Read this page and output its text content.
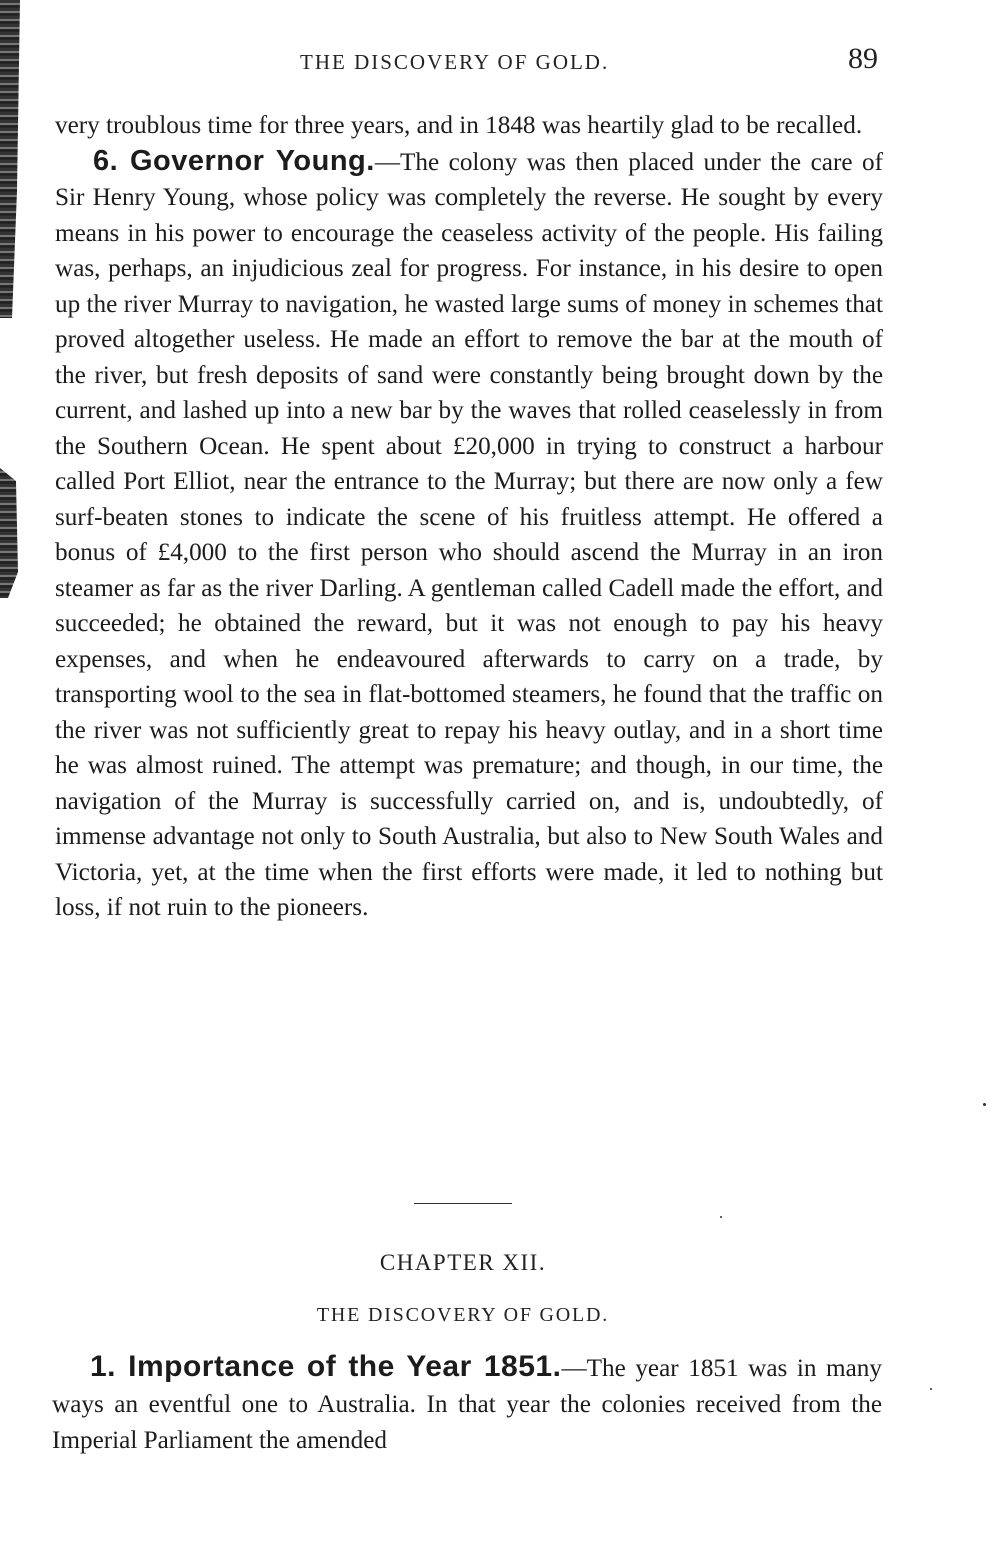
THE DISCOVERY OF GOLD.	89

very troublous time for three years, and in 1848 was heartily glad to be recalled.

6. Governor Young.—The colony was then placed under the care of Sir Henry Young, whose policy was completely the reverse. He sought by every means in his power to encourage the ceaseless activity of the people. His failing was, perhaps, an injudicious zeal for progress. For instance, in his desire to open up the river Murray to navigation, he wasted large sums of money in schemes that proved altogether useless. He made an effort to remove the bar at the mouth of the river, but fresh deposits of sand were constantly being brought down by the current, and lashed up into a new bar by the waves that rolled ceaselessly in from the Southern Ocean. He spent about £20,000 in trying to construct a harbour called Port Elliot, near the entrance to the Murray; but there are now only a few surf-beaten stones to indicate the scene of his fruitless attempt. He offered a bonus of £4,000 to the first person who should ascend the Murray in an iron steamer as far as the river Darling. A gentleman called Cadell made the effort, and succeeded; he obtained the reward, but it was not enough to pay his heavy expenses, and when he endeavoured afterwards to carry on a trade, by transporting wool to the sea in flat-bottomed steamers, he found that the traffic on the river was not sufficiently great to repay his heavy outlay, and in a short time he was almost ruined. The attempt was premature; and though, in our time, the navigation of the Murray is successfully carried on, and is, undoubtedly, of immense advantage not only to South Australia, but also to New South Wales and Victoria, yet, at the time when the first efforts were made, it led to nothing but loss, if not ruin to the pioneers.

CHAPTER XII.
THE DISCOVERY OF GOLD.

1. Importance of the Year 1851.—The year 1851 was in many ways an eventful one to Australia. In that year the colonies received from the Imperial Parliament the amended
